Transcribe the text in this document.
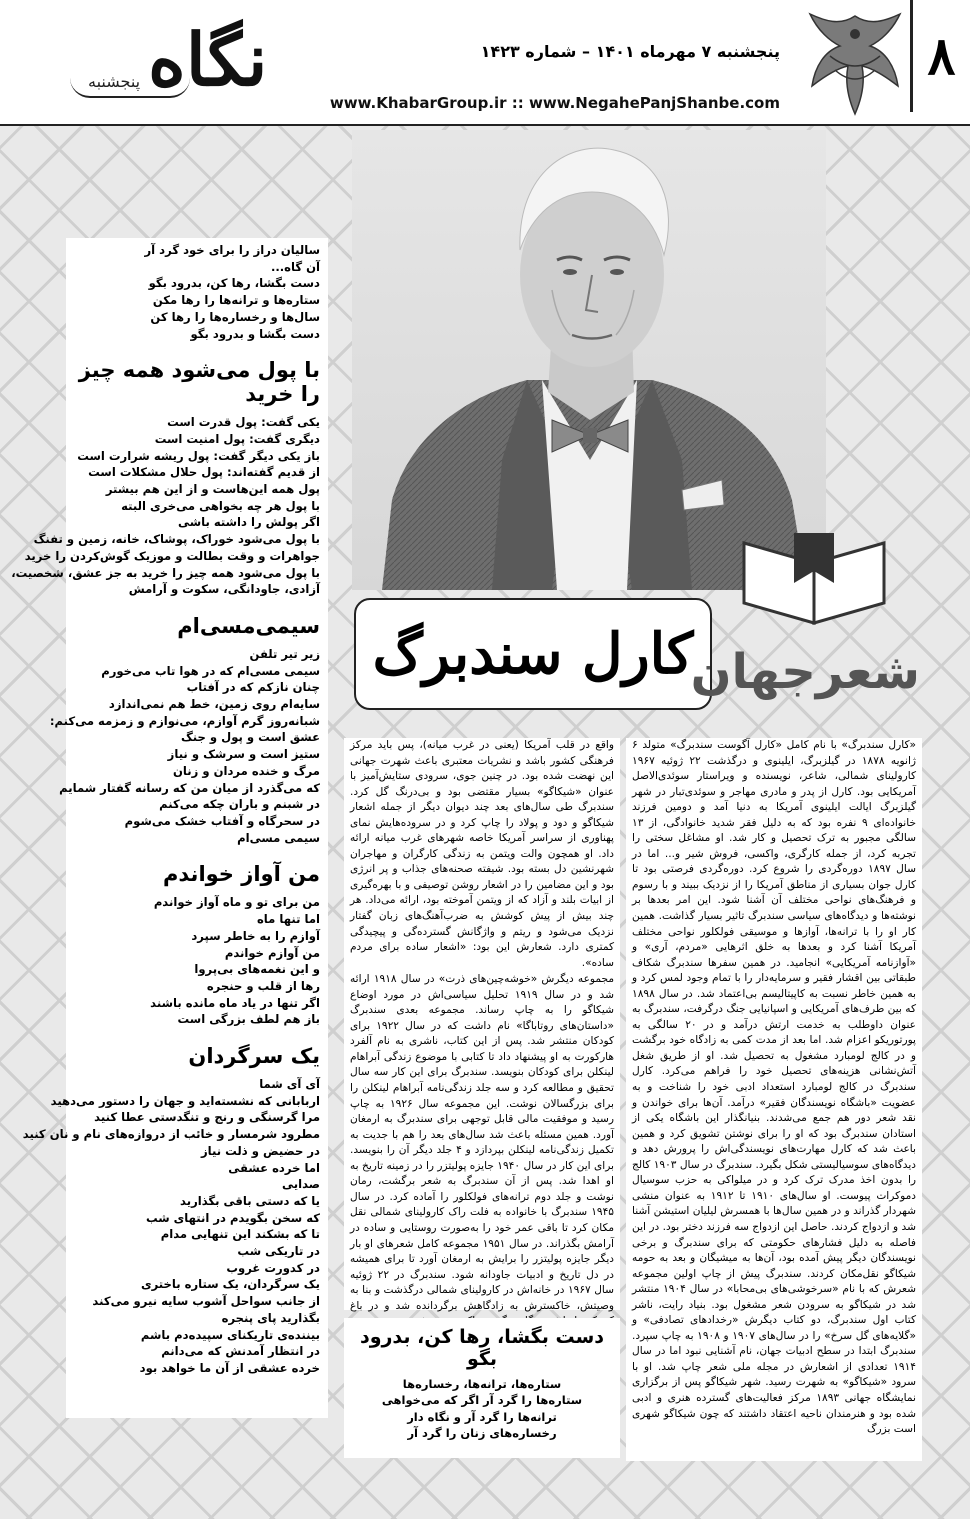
نگاه
پنجشنبه
پنجشنبه ۷ مهرماه ۱۴۰۱ – شماره ۱۴۲۳
www.KhabarGroup.ir :: www.NegahePanjShanbe.com
۸
کارل سندبرگ
شعرجهان

«کارل سندبرگ» با نام کامل «کارل آگوست سندبرگ» متولد ۶ ژانویه ۱۸۷۸ در گیلزبرگ، ایلینوی و درگذشت ۲۲ ژوئیه ۱۹۶۷ کارولینای شمالی، شاعر، نویسنده و ویراستار سوئدی‌الاصل آمریکایی بود. کارل از پدر و مادری مهاجر و سوئدی‌تبار در شهر گیلزبرگ ایالت ایلینوی آمریکا به دنیا آمد و دومین فرزند خانواده‌ای ۹ نفره بود که به دلیل فقر شدید خانوادگی، از ۱۳ سالگی مجبور به ترک تحصیل و کار شد. او مشاغل سختی را تجربه کرد، از جمله کارگری، واکسی، فروش شیر و... اما در سال ۱۸۹۷ دوره‌گردی را شروع کرد. دوره‌گردی فرصتی بود تا کارل جوان بسیاری از مناطق آمریکا را از نزدیک ببیند و با رسوم و فرهنگ‌های نواحی مختلف آن آشنا شود. این امر بعدها بر نوشته‌ها و دیدگاه‌های سیاسی سندبرگ تاثیر بسیار گذاشت. همین کار او را با ترانه‌ها، آوازها و موسیقی فولکلور نواحی مختلف آمریکا آشنا کرد و بعدها به خلق اثرهایی «مردم، آری» و «آوازنامه آمریکایی» انجامید. در همین سفرها سندبرگ شکاف طبقاتی بین اقشار فقیر و سرمایه‌دار را با تمام وجود لمس کرد و به همین خاطر نسبت به کاپیتالیسم بی‌اعتماد شد. در سال ۱۸۹۸ که بین طرف‌های آمریکایی و اسپانیایی جنگ درگرفت، سندبرگ به عنوان داوطلب به خدمت ارتش درآمد و در ۲۰ سالگی به پورتوریکو اعزام شد. اما بعد از مدت کمی به زادگاه خود برگشت و در کالج لومبارد مشغول به تحصیل شد. او از طریق شغل آتش‌نشانی هزینه‌های تحصیل خود را فراهم می‌کرد. کارل سندبرگ در کالج لومبارد استعداد ادبی خود را شناخت و به عضویت «باشگاه نویسندگان فقیر» درآمد. آن‌ها برای خواندن و نقد شعر دور هم جمع می‌شدند. بنیانگذار این باشگاه یکی از استادان سندبرگ بود که او را برای نوشتن تشویق کرد و همین باعث شد که کارل مهارت‌های نویسندگی‌اش را پرورش دهد و دیدگاه‌های سوسیالیستی شکل بگیرد. سندبرگ در سال ۱۹۰۳ کالج را بدون اخذ مدرک ترک کرد و در میلواکی به حزب سوسیال دموکرات پیوست. او سال‌های ۱۹۱۰ تا ۱۹۱۲ به عنوان منشی شهردار گذراند و در همین سال‌ها با همسرش لیلیان استیشن آشنا شد و ازدواج کردند. حاصل این ازدواج سه فرزند دختر بود. در این فاصله به دلیل فشارهای حکومتی که برای سندبرگ و برخی نویسندگان دیگر پیش آمده بود، آن‌ها به میشیگان و بعد به حومه شیکاگو نقل‌مکان کردند. سندبرگ پیش از چاپ اولین مجموعه شعرش که با نام «سرخوشی‌های بی‌محابا» در سال ۱۹۰۴ منتشر شد در شیکاگو به سرودن شعر مشغول بود. بنیاد رایت، ناشر کتاب اول سندبرگ، دو کتاب دیگرش «رخدادهای تصادفی» و «گلایه‌های گل سرخ» را در سال‌های ۱۹۰۷ و ۱۹۰۸ به چاپ سپرد. سندبرگ ابتدا در سطح ادبیات جهان، نام آشنایی نبود اما در سال ۱۹۱۴ تعدادی از اشعارش در مجله ملی شعر چاپ شد. او با سرود «شیکاگو» به شهرت رسید. شهر شیکاگو پس از برگزاری نمایشگاه جهانی ۱۸۹۳ مرکز فعالیت‌های گسترده هنری و ادبی شده بود و هنرمندان ناحیه اعتقاد داشتند که چون شیکاگو شهری است بزرگ

واقع در قلب آمریکا (یعنی در غرب میانه)، پس باید مرکز فرهنگی کشور باشد و نشریات معتبری باعث شهرت جهانی این نهضت شده بود. در چنین جوی، سرودی ستایش‌آمیز با عنوان «شیکاگو» بسیار مقتضی بود و بی‌درنگ گل کرد. سندبرگ طی سال‌های بعد چند دیوان دیگر از جمله اشعار شیکاگو و دود و پولاد را چاپ کرد و در سروده‌هایش نمای پهناوری از سراسر آمریکا خاصه شهرهای غرب میانه ارائه داد. او همچون والت ویتمن به زندگی کارگران و مهاجران شهرنشین دل بسته بود. شیفته صحنه‌های جذاب و پر انرژی بود و این مضامین را در اشعار روشن توصیفی و با بهره‌گیری از ابیات بلند و آزاد که از ویتمن آموخته بود، ارائه می‌داد. هر چند بیش از پیش کوشش به ضرب‌آهنگ‌های زبان گفتار نزدیک می‌شود و ریتم و واژگانش گسترده‌گی و پیچیدگی کمتری دارد. شعارش این بود: «اشعار ساده برای مردم ساده».

مجموعه دیگرش «خوشه‌چین‌های ذرت» در سال ۱۹۱۸ ارائه شد و در سال ۱۹۱۹ تحلیل سیاسی‌اش در مورد اوضاع شیکاگو را به چاپ رساند. مجموعه بعدی سندبرگ «داستان‌های روتاباگا» نام داشت که در سال ۱۹۲۲ برای کودکان منتشر شد. پس از این کتاب، ناشری به نام آلفرد هارکورت به او پیشنهاد داد تا کتابی با موضوع زندگی آبراهام لینکلن برای کودکان بنویسد. سندبرگ برای این کار سه سال تحقیق و مطالعه کرد و سه جلد زندگی‌نامه آبراهام لینکلن را برای بزرگسالان نوشت. این مجموعه سال ۱۹۲۶ به چاپ رسید و موفقیت مالی قابل توجهی برای سندبرگ به ارمغان آورد. همین مسئله باعث شد سال‌های بعد را هم با جدیت به تکمیل زندگی‌نامه لینکلن بپردازد و ۴ جلد دیگر آن را بنویسد. برای این کار در سال ۱۹۴۰ جایزه پولیتزر را در زمینه تاریخ به او اهدا شد. پس از آن سندبرگ به شعر برگشت، رمان نوشت و جلد دوم ترانه‌های فولکلور را آماده کرد. در سال ۱۹۴۵ سندبرگ با خانواده به فلت راک کارولینای شمالی نقل مکان کرد تا باقی عمر خود را به‌صورت روستایی و ساده در آرامش بگذراند. در سال ۱۹۵۱ مجموعه کامل شعرهای او بار دیگر جایزه پولیتزر را برایش به ارمغان آورد تا برای همیشه در دل تاریخ و ادبیات جاودانه شود. سندبرگ در ۲۲ ژوئیه سال ۱۹۶۷ در خانه‌اش در کارولینای شمالی درگذشت و بنا به وصیتش، خاکسترش به زادگاهش برگردانده شد و در باغ

دست بگشا، رها کن، بدرود بگو
ستاره‌ها، ترانه‌ها، رخساره‌ها
ستاره‌ها را گرد آر اگر که می‌خواهی
ترانه‌ها را گرد آر و نگاه دار
رخساره‌های زنان را گرد آر
سالیان دراز را برای خود گرد آر
آن گاه...
دست بگشا، رها کن، بدرود بگو
ستاره‌ها و ترانه‌ها را رها مکن
سال‌ها و رخساره‌ها را رها کن
دست بگشا و بدرود بگو
با پول می‌شود همه چیز را خرید
یکی گفت: پول قدرت است
دیگری گفت: پول امنیت است
باز یکی دیگر گفت: پول ریشه شرارت است
از قدیم گفته‌اند: پول حلال مشکلات است
پول همه این‌هاست و از این هم بیشتر
با پول هر چه بخواهی می‌خری البته
اگر پولش را داشته باشی
با پول می‌شود خوراک، پوشاک، خانه، زمین و تفنگ
جواهرات و وقت بطالت و موزیک گوش‌کردن را خرید
با پول می‌شود همه چیز را خرید به جز عشق، شخصیت،
آزادی، جاودانگی، سکوت و آرامش
سیمی‌مسی‌ام
زیر تیر تلفن
سیمی مسی‌ام که در هوا تاب می‌خورم
چنان نازکم که در آفتاب
سایه‌ام روی زمین، خط هم نمی‌اندازد
شبانه‌روز گرم آوازم، می‌نوازم و زمزمه می‌کنم:
عشق است و پول و جنگ
ستیز است و سرشک و نیاز
مرگ و خنده مردان و زنان
که می‌گذرد از میان من که رسانه گفتار شمایم
در شبنم و باران چکه می‌کنم
در سحرگاه و آفتاب خشک می‌شوم
سیمی مسی‌ام
من آواز خواندم
من برای تو و ماه آواز خواندم
اما تنها ماه
آوازم را به خاطر سپرد
من آوازم خواندم
و این نغمه‌های بی‌پروا
رها از قلب و حنجره
اگر تنها در یاد ماه مانده باشند
باز هم لطف بزرگی است
یک سرگردان
آی آی شما
اربابانی که نشسته‌اید و جهان را دستور می‌دهید
مرا گرسنگی و رنج و تنگدستی عطا کنید
مطرود شرمسار و خائب از دروازه‌های نام و نان کنید
در حضیض و ذلت نیاز
اما خرده عشقی
صدایی
یا که دستی باقی بگذارید
که سخن بگویدم در انتهای شب
تا که بشکند این تنهایی مدام
در تاریکی شب
در کدورت غروب
یک سرگردان، یک ستاره باختری
از جانب سواحل آشوب سایه نیرو می‌کند
بگذارید پای پنجره
بیننده‌ی تاریکنای سپیده‌دم باشم
در انتظار آمدنش که می‌دانم
خرده عشقی از آن ما خواهد بود
